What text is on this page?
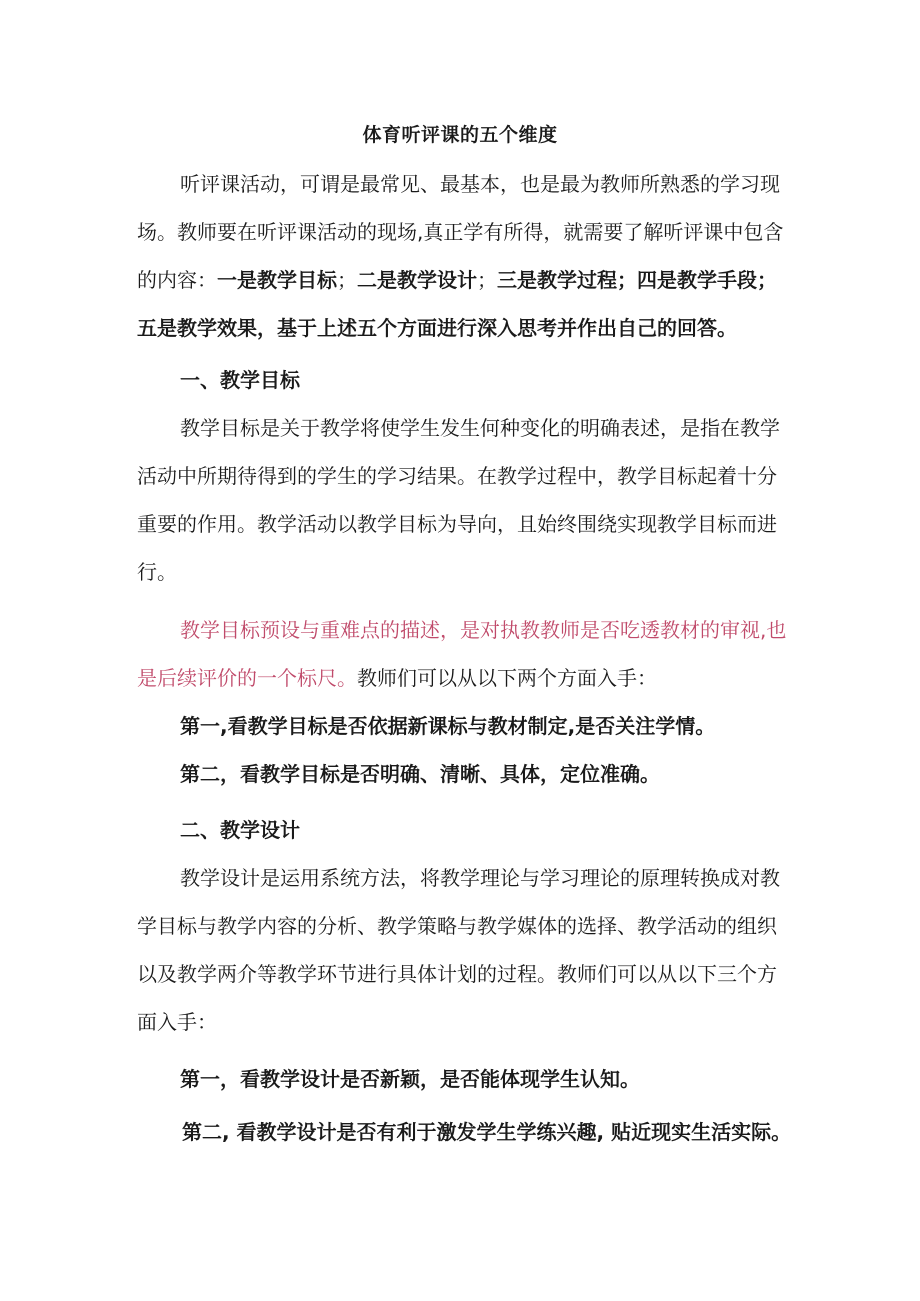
体育听评课的五个维度
听评课活动，可谓是最常见、最基本，也是最为教师所熟悉的学习现
场。教师要在听评课活动的现场,真正学有所得，就需要了解听评课中包含
的内容：一是教学目标；二是教学设计；三是教学过程；四是教学手段；
五是教学效果，基于上述五个方面进行深入思考并作出自己的回答。
一、教学目标
教学目标是关于教学将使学生发生何种变化的明确表述，是指在教学
活动中所期待得到的学生的学习结果。在教学过程中，教学目标起着十分
重要的作用。教学活动以教学目标为导向，且始终围绕实现教学目标而进
行。
教学目标预设与重难点的描述，是对执教教师是否吃透教材的审视,也
是后续评价的一个标尺。教师们可以从以下两个方面入手：
第一,看教学目标是否依据新课标与教材制定,是否关注学情。
第二，看教学目标是否明确、清晰、具体，定位准确。
二、教学设计
教学设计是运用系统方法，将教学理论与学习理论的原理转换成对教
学目标与教学内容的分析、教学策略与教学媒体的选择、教学活动的组织
以及教学两介等教学环节进行具体计划的过程。教师们可以从以下三个方
面入手：
第一，看教学设计是否新颖，是否能体现学生认知。
第二, 看教学设计是否有利于激发学生学练兴趣, 贴近现实生活实际。
